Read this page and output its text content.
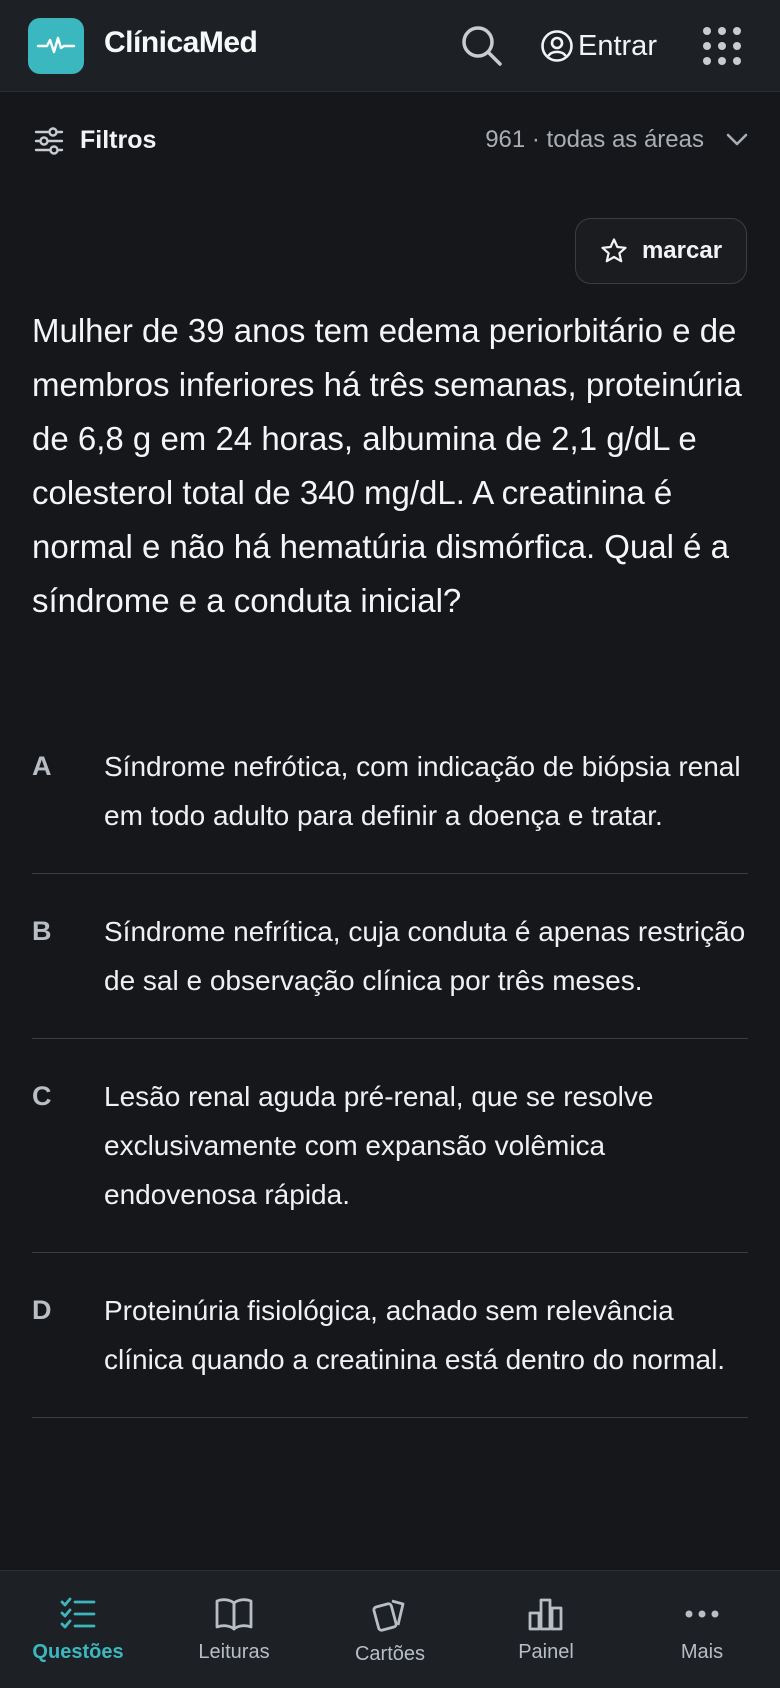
ClínicaMed	Entrar
Filtros	961 · todas as áreas
marcar
Mulher de 39 anos tem edema periorbitário e de membros inferiores há três semanas, proteinúria de 6,8 g em 24 horas, albumina de 2,1 g/dL e colesterol total de 340 mg/dL. A creatinina é normal e não há hematúria dismórfica. Qual é a síndrome e a conduta inicial?
A	Síndrome nefrótica, com indicação de biópsia renal em todo adulto para definir a doença e tratar.
B	Síndrome nefrítica, cuja conduta é apenas restrição de sal e observação clínica por três meses.
C	Lesão renal aguda pré-renal, que se resolve exclusivamente com expansão volêmica endovenosa rápida.
D	Proteinúria fisiológica, achado sem relevância clínica quando a creatinina está dentro do normal.
Questões	Leituras	Cartões	Painel	Mais
